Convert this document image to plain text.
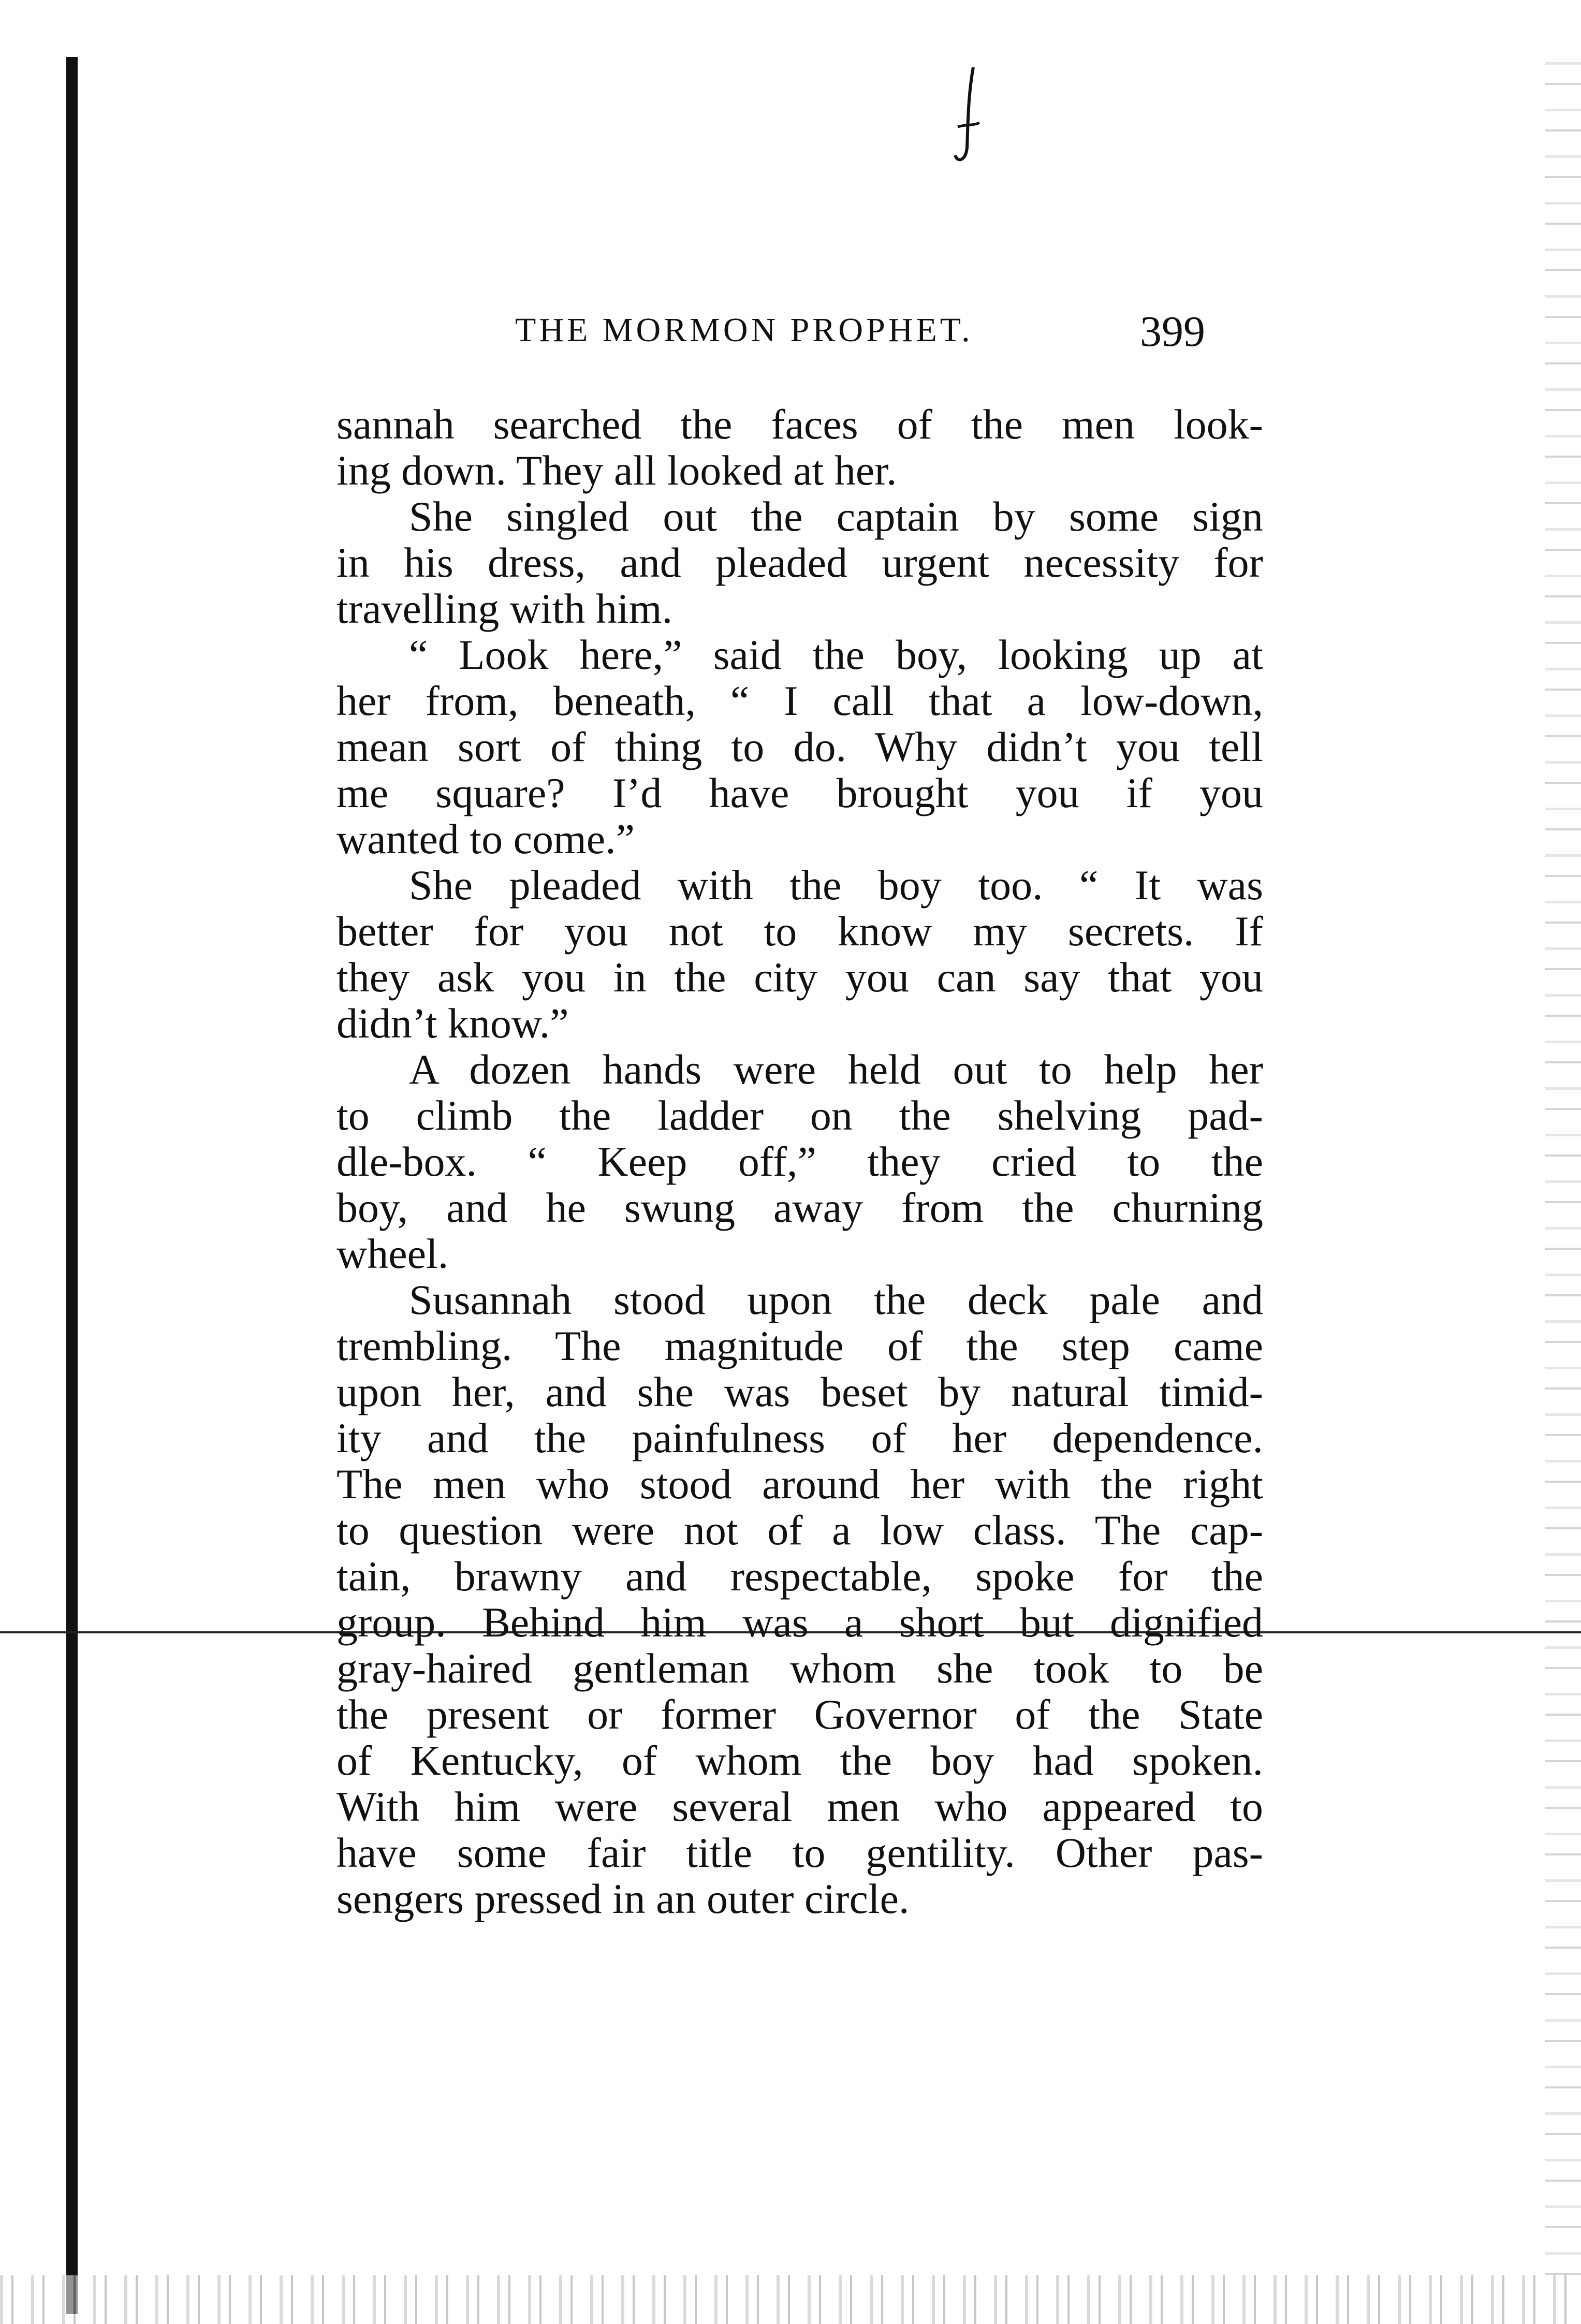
THE MORMON PROPHET.	399
sannah searched the faces of the men look-
ing down. They all looked at her.
She singled out the captain by some sign
in his dress, and pleaded urgent necessity for
travelling with him.
“ Look here,” said the boy, looking up at
her from, beneath, “ I call that a low-down,
mean sort of thing to do. Why didn’t you tell
me square? I’d have brought you if you
wanted to come.”
She pleaded with the boy too. “ It was
better for you not to know my secrets. If
they ask you in the city you can say that you
didn’t know.”
A dozen hands were held out to help her
to climb the ladder on the shelving pad-
dle-box. “ Keep off,” they cried to the
boy, and he swung away from the churning
wheel.
Susannah stood upon the deck pale and
trembling. The magnitude of the step came
upon her, and she was beset by natural timid-
ity and the painfulness of her dependence.
The men who stood around her with the right
to question were not of a low class. The cap-
tain, brawny and respectable, spoke for the
group. Behind him was a short but dignified
gray-haired gentleman whom she took to be
the present or former Governor of the State
of Kentucky, of whom the boy had spoken.
With him were several men who appeared to
have some fair title to gentility. Other pas-
sengers pressed in an outer circle.
